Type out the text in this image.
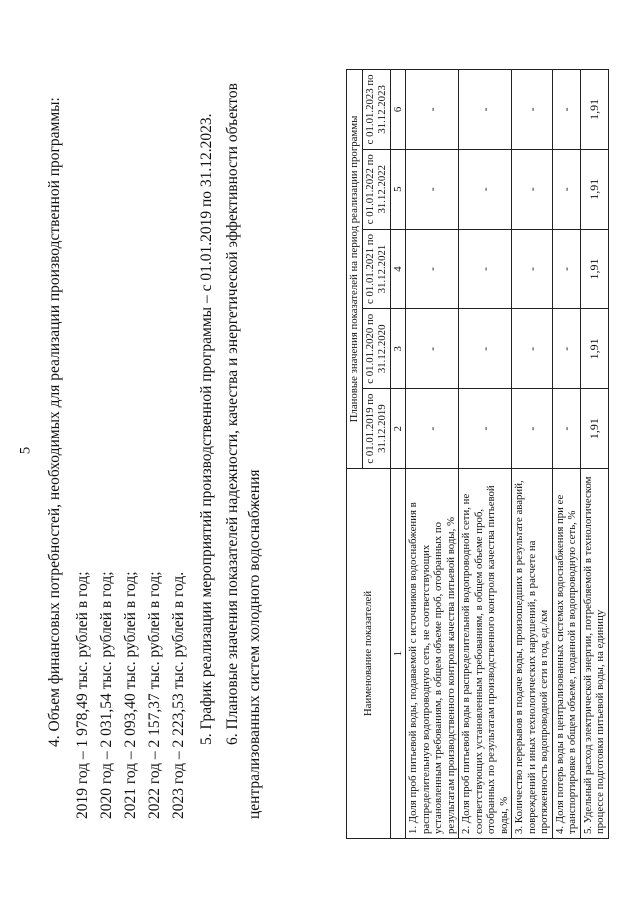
5 4. Объем финансовых потребностей, необходимых для реализации производственной программы: 2019 год – 1 978,49 тыс. рублей в год; 2020 год – 2 031,54 тыс. рублей в год; 2021 год – 2 093,40 тыс. рублей в год; 2022 год – 2 157,37 тыс. рублей в год; 2023 год – 2 223,53 тыс. рублей в год. 5. График реализации мероприятий производственной программы – с 01.01.2019 по 31.12.2023. 6. Плановые значения показателей надежности, качества и энергетической эффективности объектов централизованных систем холодного водоснабжения	Наименование показателей	Плановые значения показателей на период реализации программы				
	с 01.01.2019 по 31.12.2019	с 01.01.2020 по 31.12.2020	с 01.01.2021 по 31.12.2021	с 01.01.2022 по 31.12.2022	с 01.01.2023 по 31.12.2023
1	2	3	4	5	6
1. Доля проб питьевой воды, подаваемой с источников водоснабжения в распределительную водопроводную сеть, не соответствующих установленным требованиям, в общем объеме проб, отобранных по результатам производственного контроля качества питьевой воды, %	-	-	-	-	-
2. Доля проб питьевой воды в распределительной водопроводной сети, не соответствующих установленным требованиям, в общем объеме проб, отобранных по результатам производственного контроля качества питьевой воды, %	-	-	-	-	-
3. Количество перерывов в подаче воды, произошедших в результате аварий, повреждений и иных технологических нарушений, в расчете на протяженность водопроводной сети в год, ед./км	-	-	-	-	-
4. Доля потерь воды в централизованных системах водоснабжения при ее транспортировке в общем объеме, поданной в водопроводную сеть, %	-	-	-	-	-
5. Удельный расход электрической энергии, потребляемой в технологическом процессе подготовки питьевой воды, на единицу	1,91	1,91	1,91	1,91	1,91
